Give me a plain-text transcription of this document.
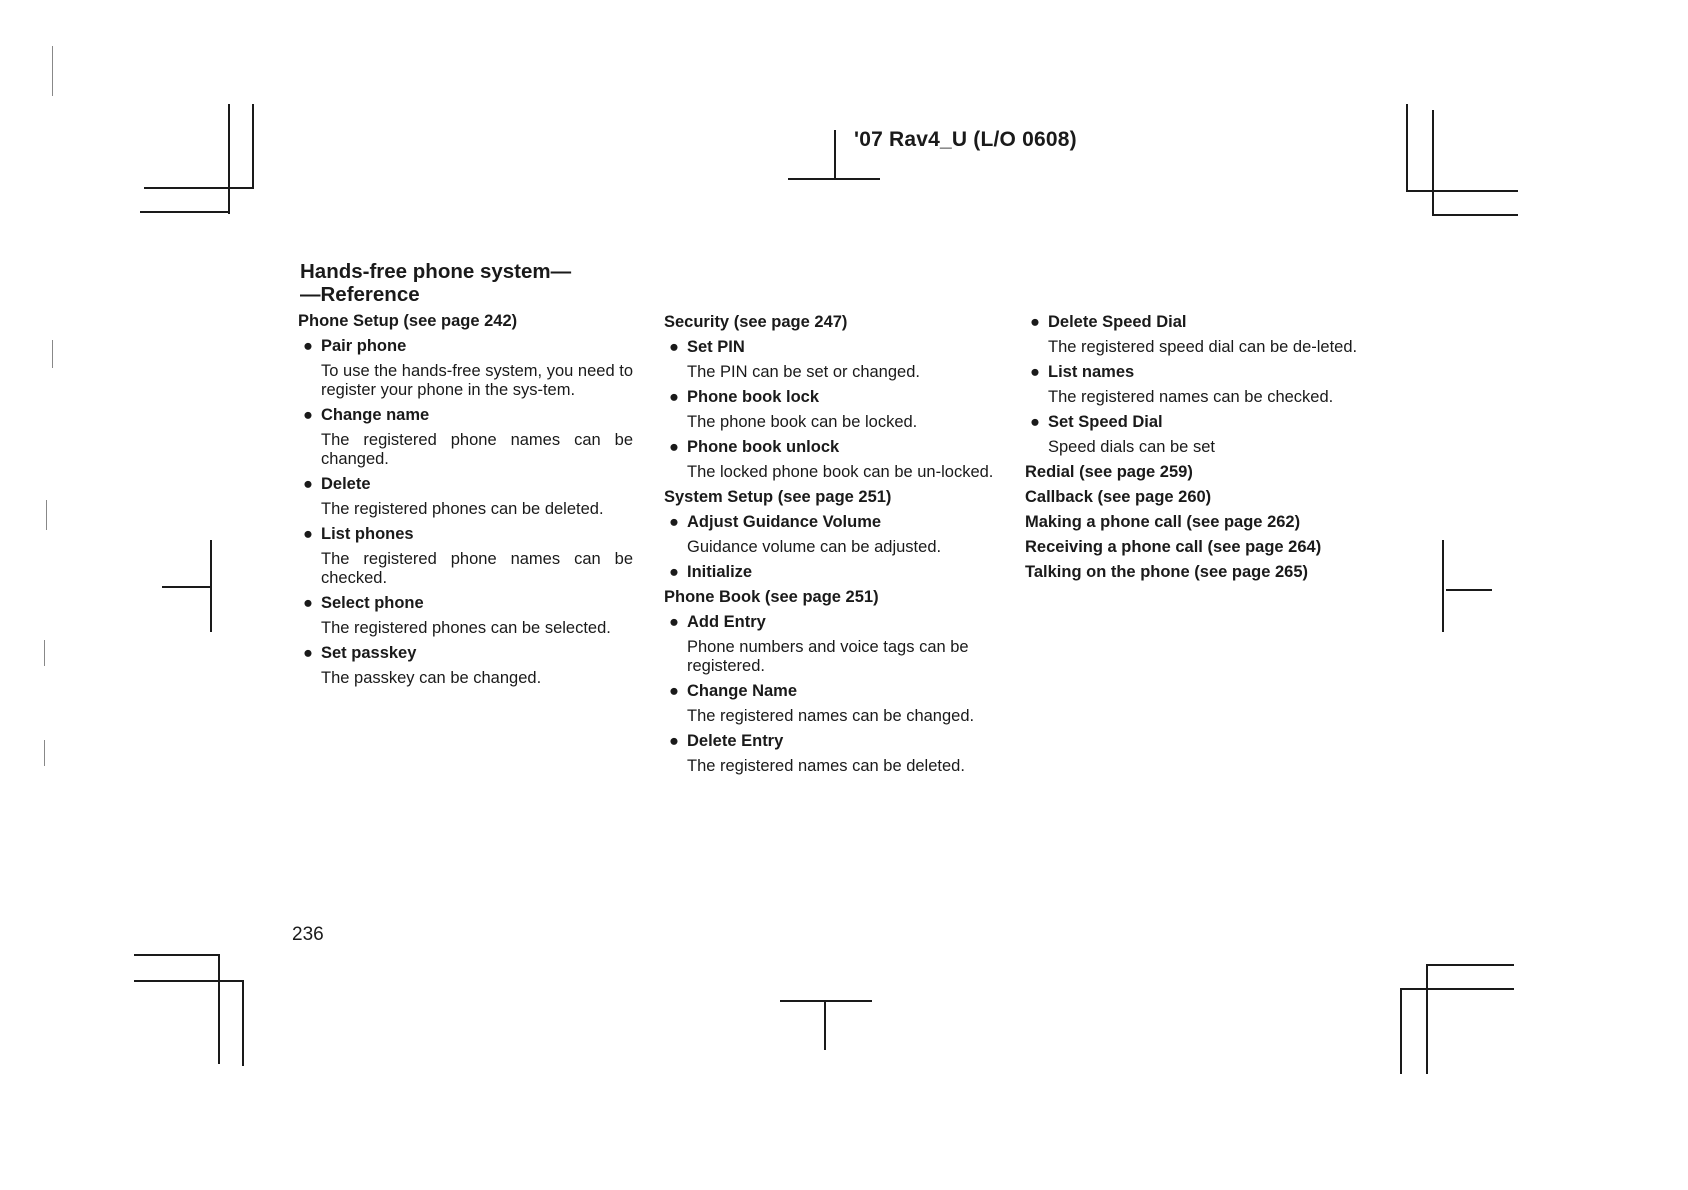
'07 Rav4_U (L/O 0608)
Hands-free phone system—
—Reference
Phone Setup (see page 242)
● Pair phone
To use the hands-free system, you need to register your phone in the sys-tem.
● Change name
The registered phone names can be changed.
● Delete
The registered phones can be deleted.
● List phones
The registered phone names can be checked.
● Select phone
The registered phones can be selected.
● Set passkey
The passkey can be changed.
Security (see page 247)
● Set PIN
The PIN can be set or changed.
● Phone book lock
The phone book can be locked.
● Phone book unlock
The locked phone book can be un-locked.
System Setup (see page 251)
● Adjust Guidance Volume
Guidance volume can be adjusted.
● Initialize
Phone Book (see page 251)
● Add Entry
Phone numbers and voice tags can be registered.
● Change Name
The registered names can be changed.
● Delete Entry
The registered names can be deleted.
● Delete Speed Dial
The registered speed dial can be de-leted.
● List names
The registered names can be checked.
● Set Speed Dial
Speed dials can be set
Redial (see page 259)
Callback (see page 260)
Making a phone call (see page 262)
Receiving a phone call (see page 264)
Talking on the phone (see page 265)
236
